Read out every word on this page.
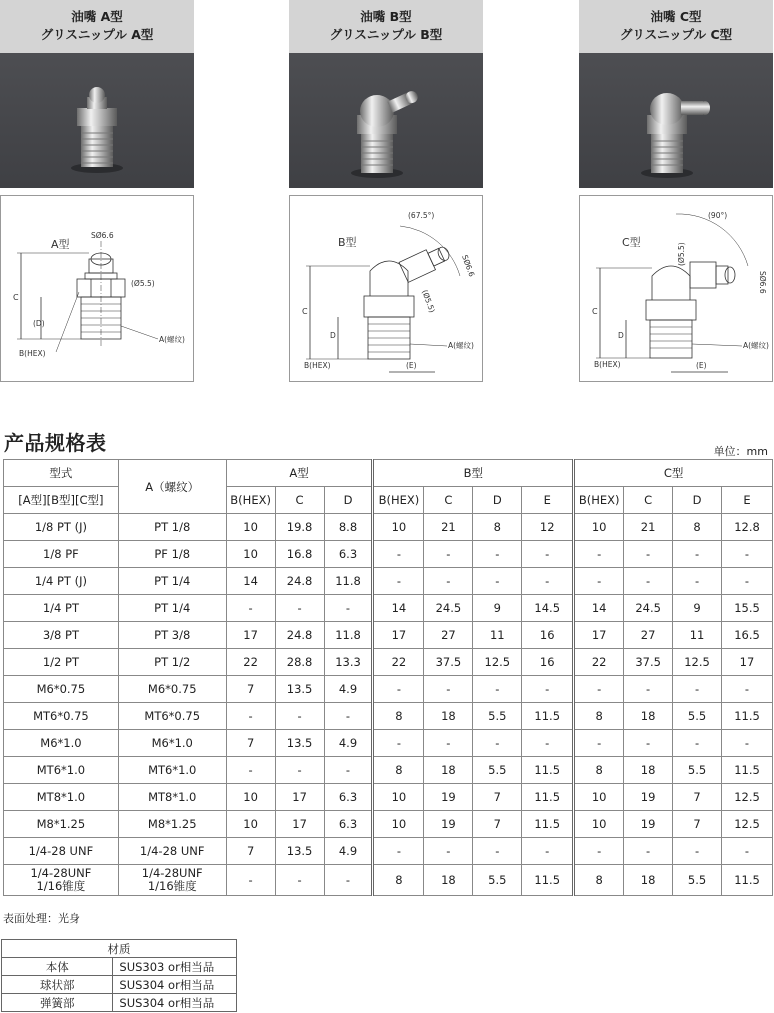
油嘴 A型
グリスニップル A型
油嘴 B型
グリスニップル B型
油嘴 C型
グリスニップル C型
A型
SØ6.6
(Ø5.5)
C
(D)
B(HEX)
A(螺纹)
B型
(67.5°)
SØ6.6
(Ø5.5)
C
D
B(HEX)	(E)
A(螺纹)
C型
(90°)
SØ6.6
(Ø5.5)
C
D
B(HEX)	(E)
A(螺纹)
产品规格表	单位：mm
型式	A（螺纹）	A型			B型				C型			
[A型][B型][C型]		B(HEX)	C	D	B(HEX)	C	D	E	B(HEX)	C	D	E
1/8 PT (J)	PT 1/8	10	19.8	8.8	10	21	8	12	10	21	8	12.8
1/8 PF	PF 1/8	10	16.8	6.3	-	-	-	-	-	-	-	-
1/4 PT (J)	PT 1/4	14	24.8	11.8	-	-	-	-	-	-	-	-
1/4 PT	PT 1/4	-	-	-	14	24.5	9	14.5	14	24.5	9	15.5
3/8 PT	PT 3/8	17	24.8	11.8	17	27	11	16	17	27	11	16.5
1/2 PT	PT 1/2	22	28.8	13.3	22	37.5	12.5	16	22	37.5	12.5	17
M6*0.75	M6*0.75	7	13.5	4.9	-	-	-	-	-	-	-	-
MT6*0.75	MT6*0.75	-	-	-	8	18	5.5	11.5	8	18	5.5	11.5
M6*1.0	M6*1.0	7	13.5	4.9	-	-	-	-	-	-	-	-
MT6*1.0	MT6*1.0	-	-	-	8	18	5.5	11.5	8	18	5.5	11.5
MT8*1.0	MT8*1.0	10	17	6.3	10	19	7	11.5	10	19	7	12.5
M8*1.25	M8*1.25	10	17	6.3	10	19	7	11.5	10	19	7	12.5
1/4-28 UNF	1/4-28 UNF	7	13.5	4.9	-	-	-	-	-	-	-	-
1/4-28UNF
1/16锥度	1/4-28UNF
1/16锥度	-	-	-	8	18	5.5	11.5	8	18	5.5	11.5
表面处理：光身
材质	
本体	SUS303 or相当品
球状部	SUS304 or相当品
弹簧部	SUS304 or相当品
